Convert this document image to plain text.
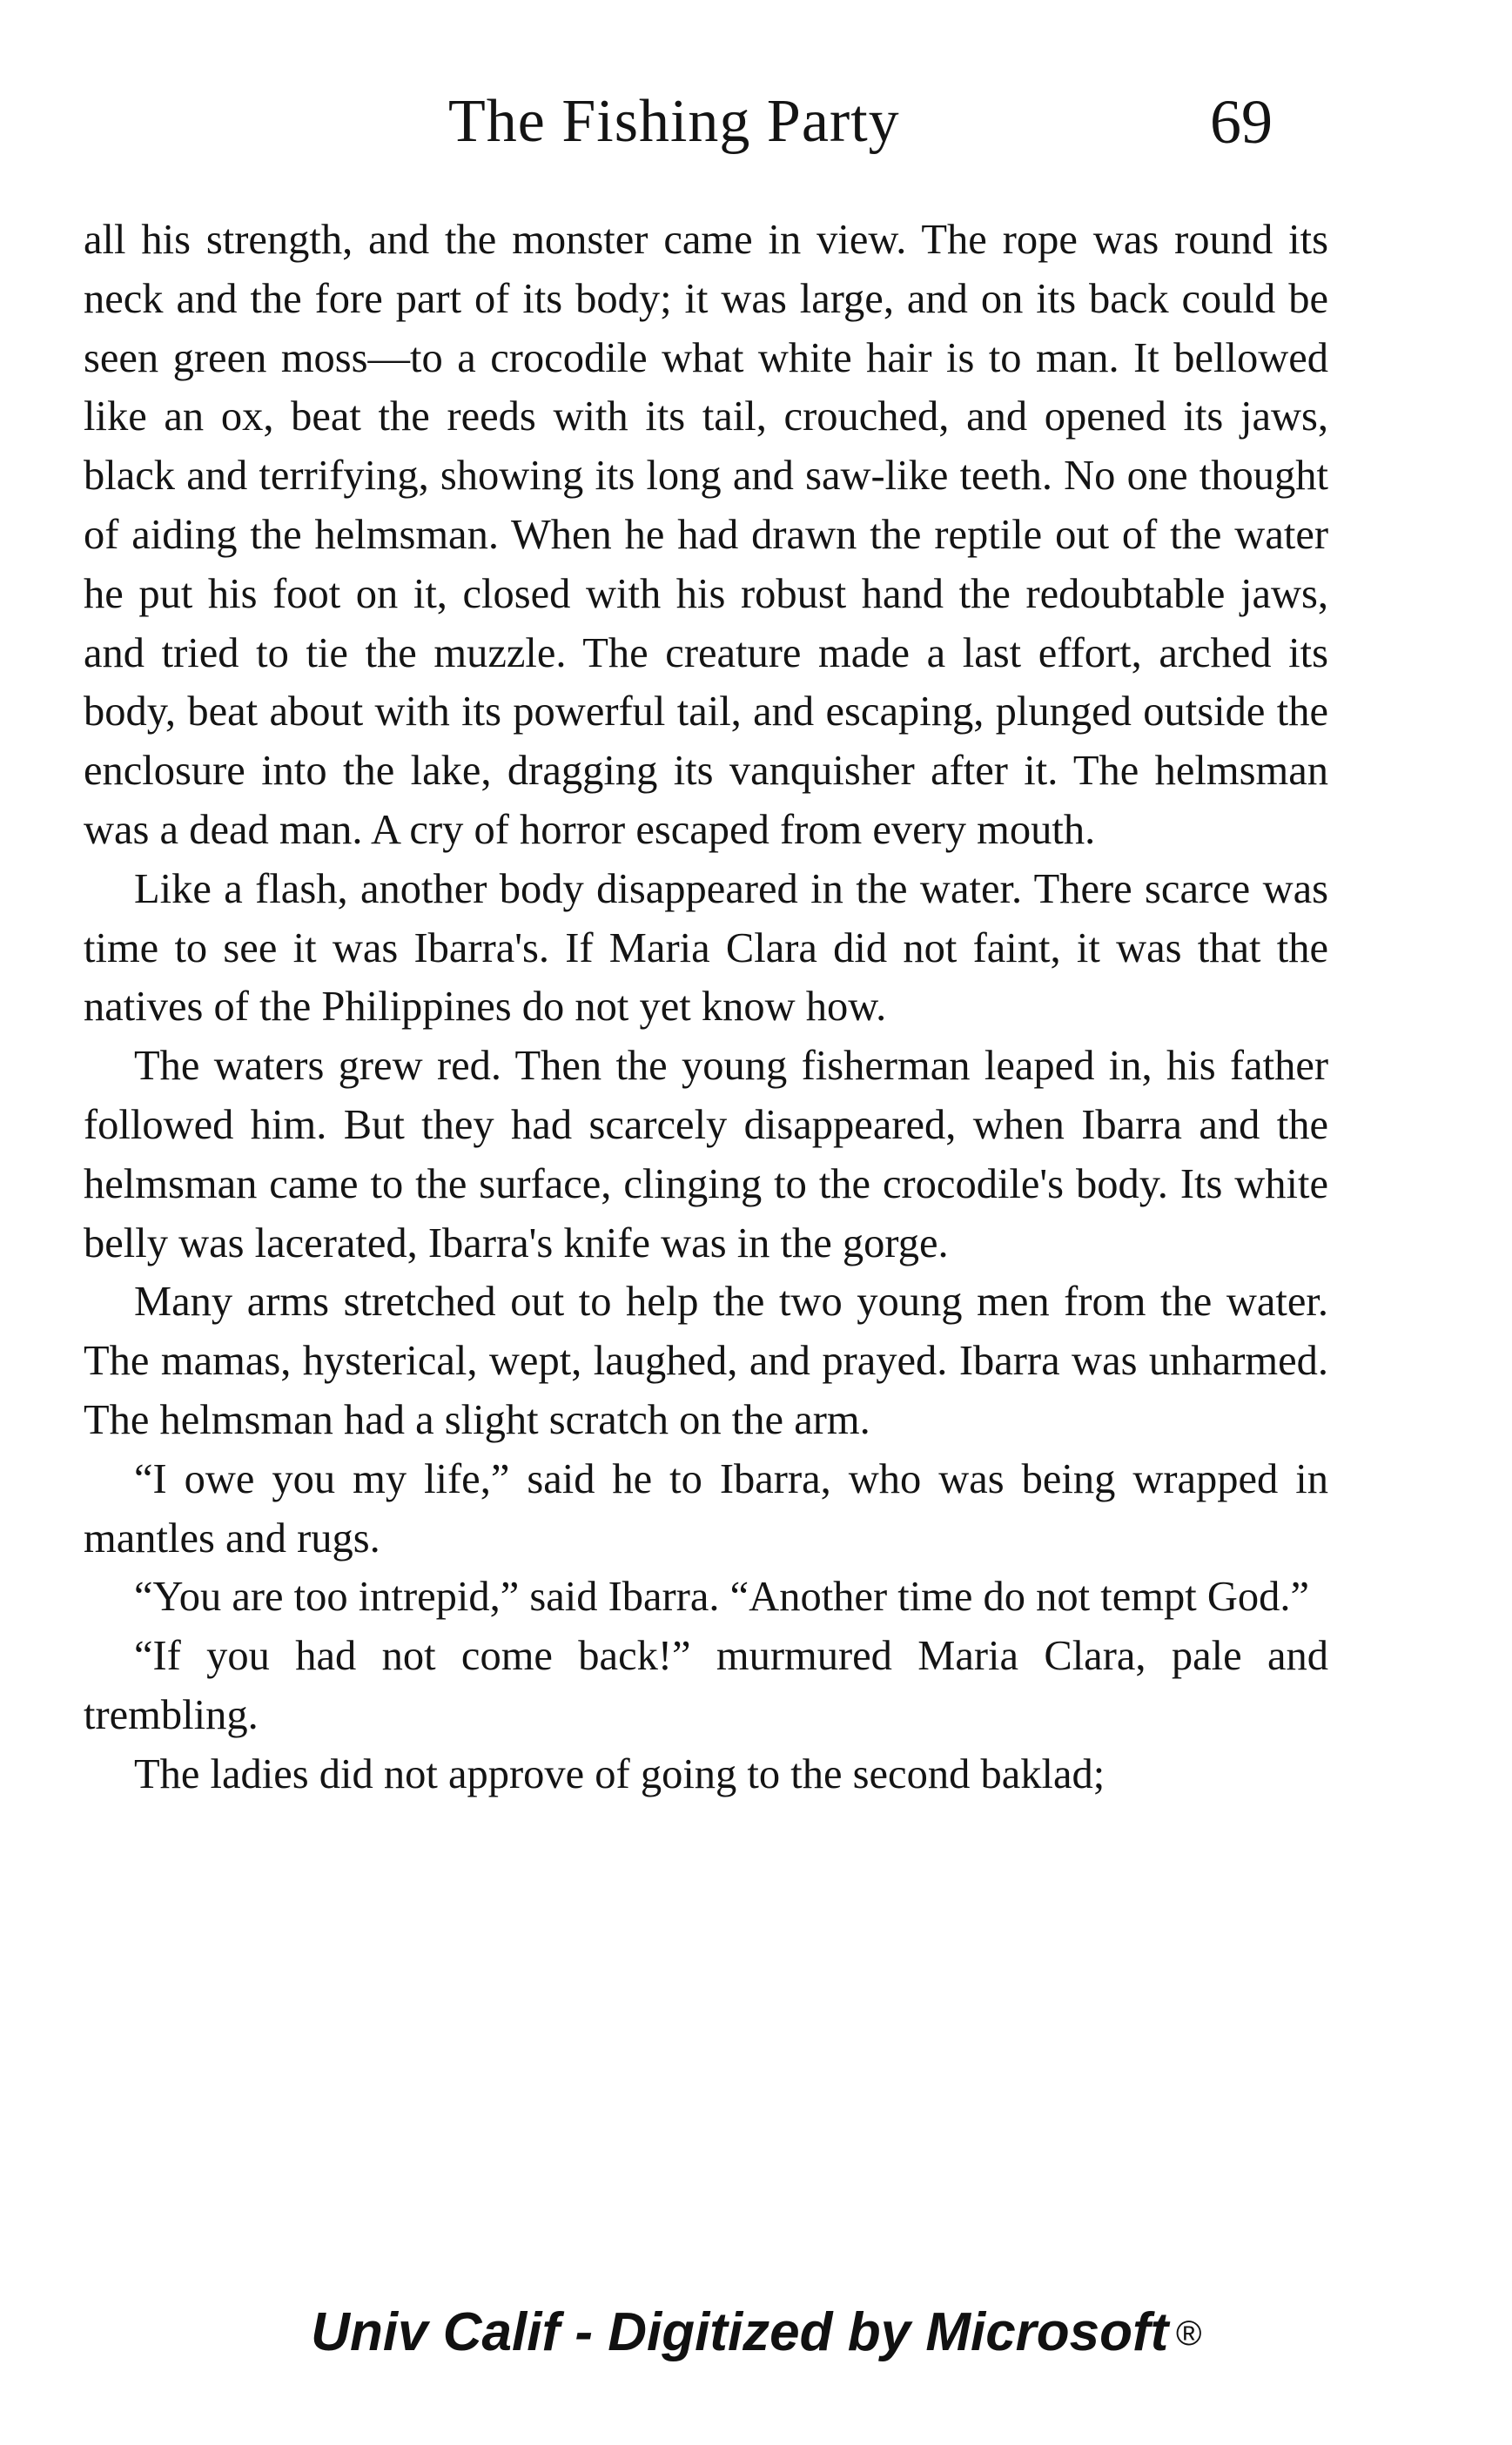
The Fishing Party	69

all his strength, and the monster came in view. The rope was round its neck and the fore part of its body; it was large, and on its back could be seen green moss—to a crocodile what white hair is to man. It bellowed like an ox, beat the reeds with its tail, crouched, and opened its jaws, black and terrifying, showing its long and saw-like teeth. No one thought of aiding the helmsman. When he had drawn the reptile out of the water he put his foot on it, closed with his robust hand the redoubtable jaws, and tried to tie the muzzle. The creature made a last effort, arched its body, beat about with its powerful tail, and escaping, plunged outside the enclosure into the lake, dragging its vanquisher after it. The helmsman was a dead man. A cry of horror escaped from every mouth.

Like a flash, another body disappeared in the water. There scarce was time to see it was Ibarra's. If Maria Clara did not faint, it was that the natives of the Philippines do not yet know how.

The waters grew red. Then the young fisherman leaped in, his father followed him. But they had scarcely disappeared, when Ibarra and the helmsman came to the surface, clinging to the crocodile's body. Its white belly was lacerated, Ibarra's knife was in the gorge.

Many arms stretched out to help the two young men from the water. The mamas, hysterical, wept, laughed, and prayed. Ibarra was unharmed. The helmsman had a slight scratch on the arm.

“I owe you my life,” said he to Ibarra, who was being wrapped in mantles and rugs.

“You are too intrepid,” said Ibarra. “Another time do not tempt God.”

“If you had not come back!” murmured Maria Clara, pale and trembling.

The ladies did not approve of going to the second baklad;

Univ Calif - Digitized by Microsoft ®
